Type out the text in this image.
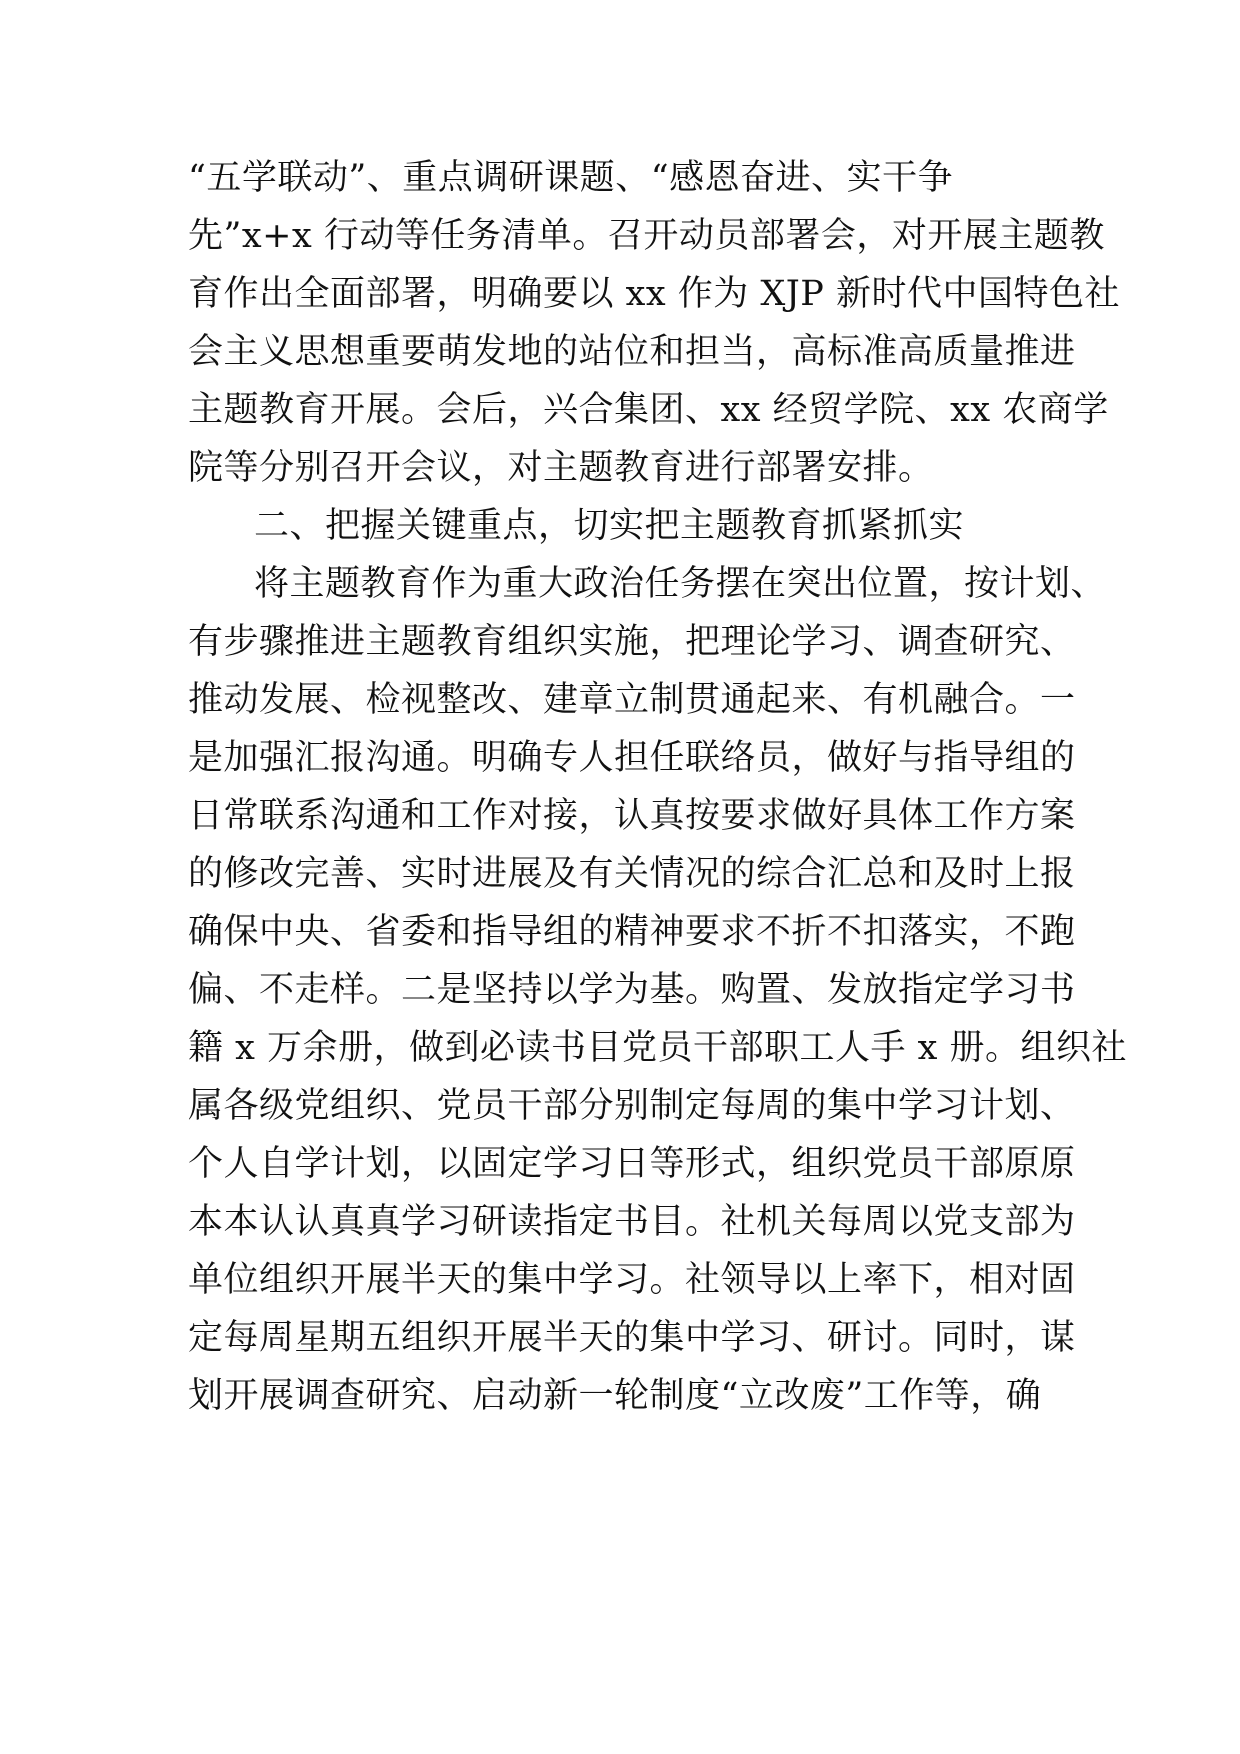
“五学联动”、重点调研课题、“感恩奋进、实干争
先”x+x 行动等任务清单。召开动员部署会，对开展主题教
育作出全面部署，明确要以 xx 作为 XJP 新时代中国特色社
会主义思想重要萌发地的站位和担当，高标准高质量推进
主题教育开展。会后，兴合集团、xx 经贸学院、xx 农商学
院等分别召开会议，对主题教育进行部署安排。
二、把握关键重点，切实把主题教育抓紧抓实
将主题教育作为重大政治任务摆在突出位置，按计划、
有步骤推进主题教育组织实施，把理论学习、调查研究、
推动发展、检视整改、建章立制贯通起来、有机融合。一
是加强汇报沟通。明确专人担任联络员，做好与指导组的
日常联系沟通和工作对接，认真按要求做好具体工作方案
的修改完善、实时进展及有关情况的综合汇总和及时上报
确保中央、省委和指导组的精神要求不折不扣落实，不跑
偏、不走样。二是坚持以学为基。购置、发放指定学习书
籍 x 万余册，做到必读书目党员干部职工人手 x 册。组织社
属各级党组织、党员干部分别制定每周的集中学习计划、
个人自学计划，以固定学习日等形式，组织党员干部原原
本本认认真真学习研读指定书目。社机关每周以党支部为
单位组织开展半天的集中学习。社领导以上率下，相对固
定每周星期五组织开展半天的集中学习、研讨。同时，谋
划开展调查研究、启动新一轮制度“立改废”工作等，确
